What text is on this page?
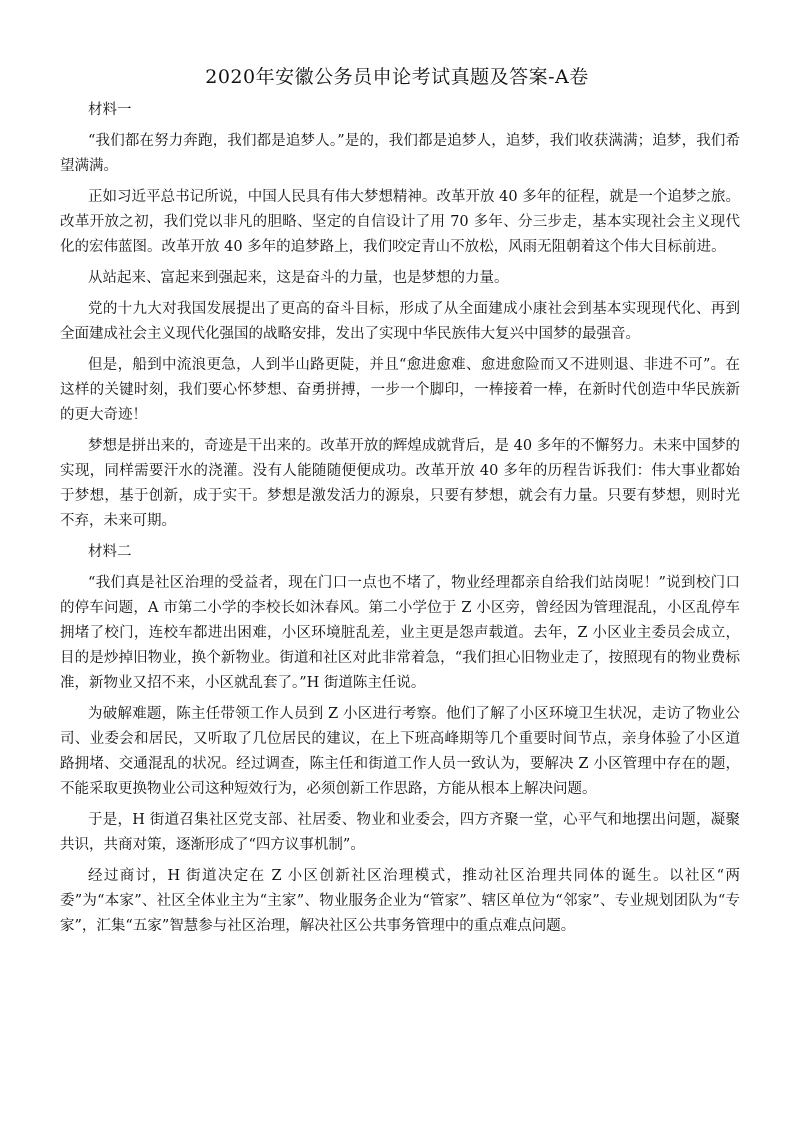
2020年安徽公务员申论考试真题及答案-A卷

材料一

“我们都在努力奔跑，我们都是追梦人。”是的，我们都是追梦人，追梦，我们收获满满；追梦，我们希望满满。

正如习近平总书记所说，中国人民具有伟大梦想精神。改革开放 40 多年的征程，就是一个追梦之旅。改革开放之初，我们党以非凡的胆略、坚定的自信设计了用 70 多年、分三步走，基本实现社会主义现代化的宏伟蓝图。改革开放 40 多年的追梦路上，我们咬定青山不放松，风雨无阻朝着这个伟大目标前进。

从站起来、富起来到强起来，这是奋斗的力量，也是梦想的力量。

党的十九大对我国发展提出了更高的奋斗目标，形成了从全面建成小康社会到基本实现现代化、再到全面建成社会主义现代化强国的战略安排，发出了实现中华民族伟大复兴中国梦的最强音。

但是，船到中流浪更急，人到半山路更陡，并且“愈进愈难、愈进愈险而又不进则退、非进不可”。在这样的关键时刻，我们要心怀梦想、奋勇拼搏，一步一个脚印，一棒接着一棒，在新时代创造中华民族新的更大奇迹！

梦想是拼出来的，奇迹是干出来的。改革开放的辉煌成就背后，是 40 多年的不懈努力。未来中国梦的实现，同样需要汗水的浇灌。没有人能随随便便成功。改革开放 40 多年的历程告诉我们：伟大事业都始于梦想，基于创新，成于实干。梦想是激发活力的源泉，只要有梦想，就会有力量。只要有梦想，则时光不弃，未来可期。

材料二

“我们真是社区治理的受益者，现在门口一点也不堵了，物业经理都亲自给我们站岗呢！”说到校门口的停车问题，A 市第二小学的李校长如沐春风。第二小学位于 Z 小区旁，曾经因为管理混乱，小区乱停车拥堵了校门，连校车都进出困难，小区环境脏乱差，业主更是怨声载道。去年，Z 小区业主委员会成立，目的是炒掉旧物业，换个新物业。街道和社区对此非常着急，“我们担心旧物业走了，按照现有的物业费标准，新物业又招不来，小区就乱套了。”H 街道陈主任说。

为破解难题，陈主任带领工作人员到 Z 小区进行考察。他们了解了小区环境卫生状况，走访了物业公司、业委会和居民，又听取了几位居民的建议，在上下班高峰期等几个重要时间节点，亲身体验了小区道路拥堵、交通混乱的状况。经过调查，陈主任和街道工作人员一致认为，要解决 Z 小区管理中存在的题，不能采取更换物业公司这种短效行为，必须创新工作思路，方能从根本上解决问题。

于是，H 街道召集社区党支部、社居委、物业和业委会，四方齐聚一堂，心平气和地摆出问题，凝聚共识，共商对策，逐渐形成了“四方议事机制”。

经过商讨，H 街道决定在 Z 小区创新社区治理模式，推动社区治理共同体的诞生。以社区“两委”为“本家”、社区全体业主为“主家”、物业服务企业为“管家”、辖区单位为“邻家”、专业规划团队为“专家”，汇集“五家”智慧参与社区治理，解决社区公共事务管理中的重点难点问题。
